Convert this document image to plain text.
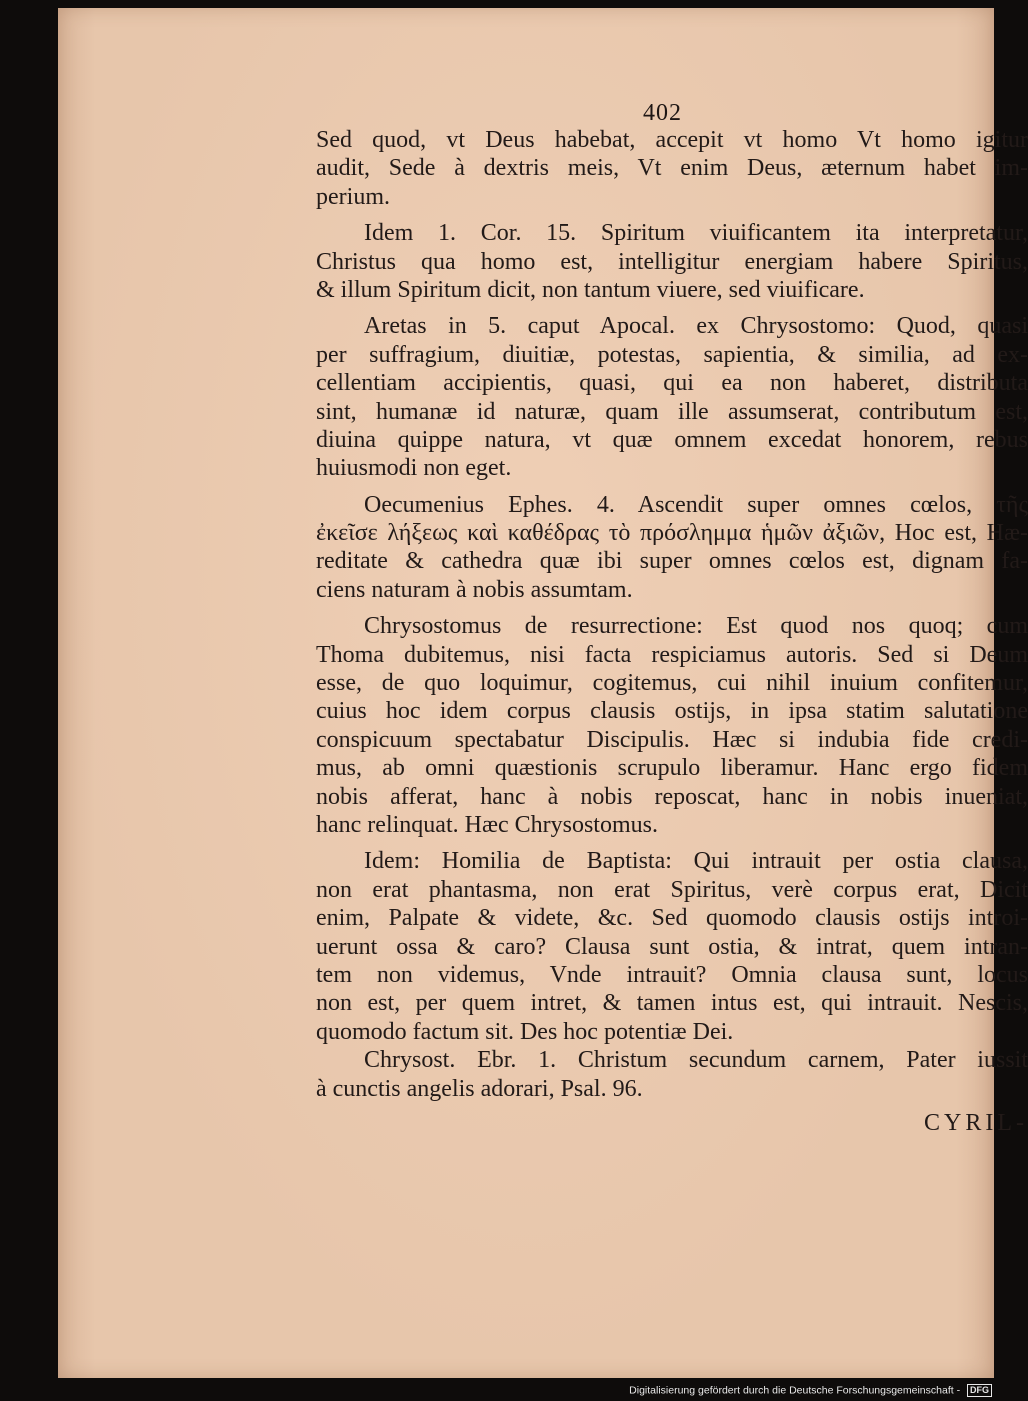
402

Sed quod, vt Deus habebat, accepit vt homo Vt homo igitur

audit, Sede à dextris meis, Vt enim Deus, æternum habet im-

perium.

Idem 1. Cor. 15. Spiritum viuificantem ita interpretatur,

Christus qua homo est, intelligitur energiam habere Spiritus,

& illum Spiritum dicit, non tantum viuere, sed viuificare.

Aretas in 5. caput Apocal. ex Chrysostomo: Quod, quasi

per suffragium, diuitiæ, potestas, sapientia, & similia, ad ex-

cellentiam accipientis, quasi, qui ea non haberet, distributa

sint, humanæ id naturæ, quam ille assumserat, contributum est,

diuina quippe natura, vt quæ omnem excedat honorem, rebus

huiusmodi non eget.

Oecumenius Ephes. 4. Ascendit super omnes cœlos, τῆς

ἐκεῖσε λήξεως καὶ καθέδρας τὸ πρόσλημμα ἡμῶν ἀξιῶν, Hoc est, Hæ-

reditate & cathedra quæ ibi super omnes cœlos est, dignam fa-

ciens naturam à nobis assumtam.

Chrysostomus de resurrectione: Est quod nos quoq; cum

Thoma dubitemus, nisi facta respiciamus autoris. Sed si Deum

esse, de quo loquimur, cogitemus, cui nihil inuium confitemur,

cuius hoc idem corpus clausis ostijs, in ipsa statim salutatione

conspicuum spectabatur Discipulis. Hæc si indubia fide credi-

mus, ab omni quæstionis scrupulo liberamur. Hanc ergo fidem

nobis afferat, hanc à nobis reposcat, hanc in nobis inueniat,

hanc relinquat. Hæc Chrysostomus.

Idem: Homilia de Baptista: Qui intrauit per ostia clausa,

non erat phantasma, non erat Spiritus, verè corpus erat, Dicit

enim, Palpate & videte, &c. Sed quomodo clausis ostijs introi-

uerunt ossa & caro? Clausa sunt ostia, & intrat, quem intran-

tem non videmus, Vnde intrauit? Omnia clausa sunt, locus

non est, per quem intret, & tamen intus est, qui intrauit. Nescis,

quomodo factum sit. Des hoc potentiæ Dei.

Chrysost. Ebr. 1. Christum secundum carnem, Pater iussit

à cunctis angelis adorari, Psal. 96.

CYRIL-

Digitalisierung gefördert durch die Deutsche Forschungsgemeinschaft - DFG
